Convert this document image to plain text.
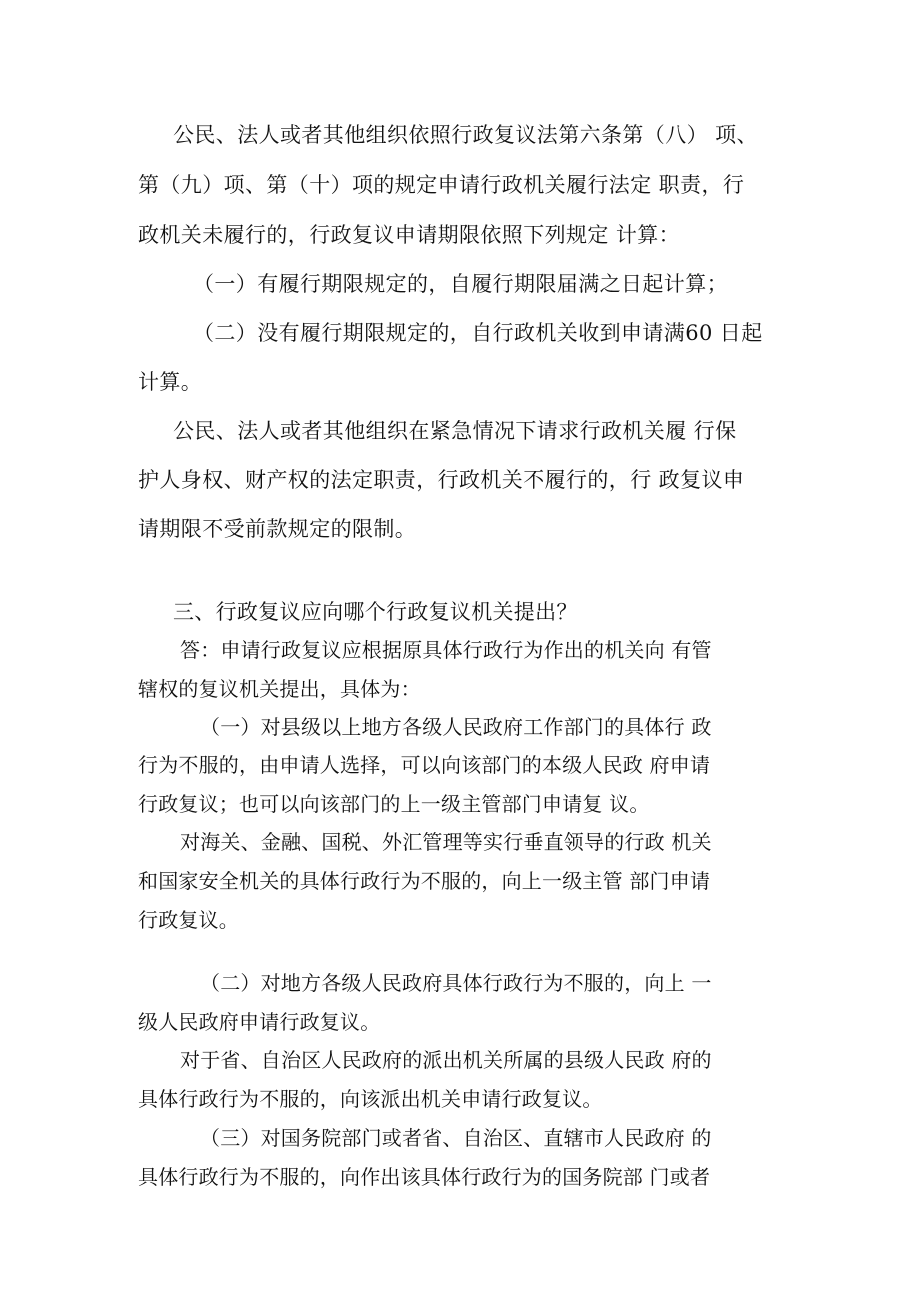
公民、法人或者其他组织依照行政复议法第六条第（八） 项、
第（九）项、第（十）项的规定申请行政机关履行法定 职责，行
政机关未履行的，行政复议申请期限依照下列规定 计算：
（一）有履行期限规定的，自履行期限届满之日起计算；
（二）没有履行期限规定的，自行政机关收到申请满60 日起
计算。
公民、法人或者其他组织在紧急情况下请求行政机关履 行保
护人身权、财产权的法定职责，行政机关不履行的，行 政复议申
请期限不受前款规定的限制。
三、行政复议应向哪个行政复议机关提出？
答：申请行政复议应根据原具体行政行为作出的机关向 有管
辖权的复议机关提出，具体为：
（一）对县级以上地方各级人民政府工作部门的具体行 政
行为不服的，由申请人选择，可以向该部门的本级人民政 府申请
行政复议；也可以向该部门的上一级主管部门申请复 议。
对海关、金融、国税、外汇管理等实行垂直领导的行政 机关
和国家安全机关的具体行政行为不服的，向上一级主管 部门申请
行政复议。
（二）对地方各级人民政府具体行政行为不服的，向上 一
级人民政府申请行政复议。
对于省、自治区人民政府的派出机关所属的县级人民政 府的
具体行政行为不服的，向该派出机关申请行政复议。
（三）对国务院部门或者省、自治区、直辖市人民政府 的
具体行政行为不服的，向作出该具体行政行为的国务院部 门或者
